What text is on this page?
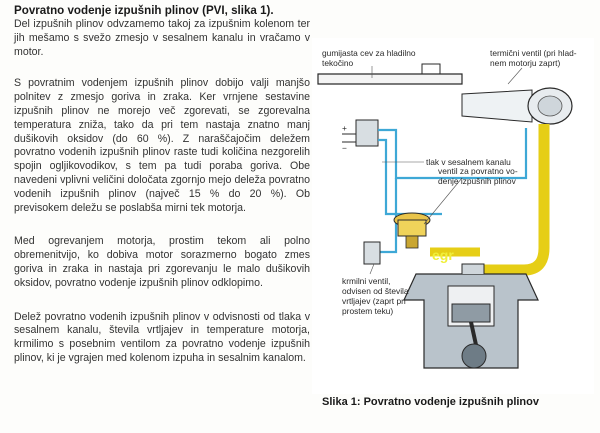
Povratno vodenje izpušnih plinov (PVI, slika 1).

Del izpušnih plinov odvzamemo takoj za izpušnim kolenom ter jih mešamo s svežo zmesjo v sesalnem kanalu in vračamo v motor.

S povratnim vodenjem izpušnih plinov dobijo valji manjšo polnitev z zmesjo goriva in zraka. Ker vrnjene sestavine izpušnih plinov ne morejo več zgorevati, se zgorevalna temperatura zniža, tako da pri tem nastaja znatno manj dušikovih oksidov (do 60 %). Z naraščajočim deležem povratno vodenih izpušnih plinov raste tudi količina nezgorelih spojin ogljikovodikov, s tem pa tudi poraba goriva. Obe navedeni vplivni veličini določata zgornjo mejo deleža povratno vodenih izpušnih plinov (največ 15 % do 20 %). Ob previsokem deležu se poslabša mirni tek motorja.

Med ogrevanjem motorja, prostim tekom ali polno obremenitvijo, ko dobiva motor sorazmerno bogato zmes goriva in zraka in nastaja pri zgorevanju le malo dušikovih oksidov, povratno vodenje izpušnih plinov odklopimo.

Delež povratno vodenih izpušnih plinov v odvisnosti od tlaka v sesalnem kanalu, števila vrtljajev in temperature motorja, krmilimo s posebnim ventilom za povratno vodenje izpušnih plinov, ki je vgrajen med kolenom izpuha in sesalnim kanalom.

egr
gumijasta cev za hladilno
tekočino
termični ventil (pri hlad-
nem motorju zaprt)
+
−
tlak v sesalnem kanalu
ventil za povratno vo-
denje izpušnih plinov
krmilni ventil,
odvisen od števila
vrtljajev (zaprt pri
prostem teku)
Slika 1: Povratno vodenje izpušnih plinov
